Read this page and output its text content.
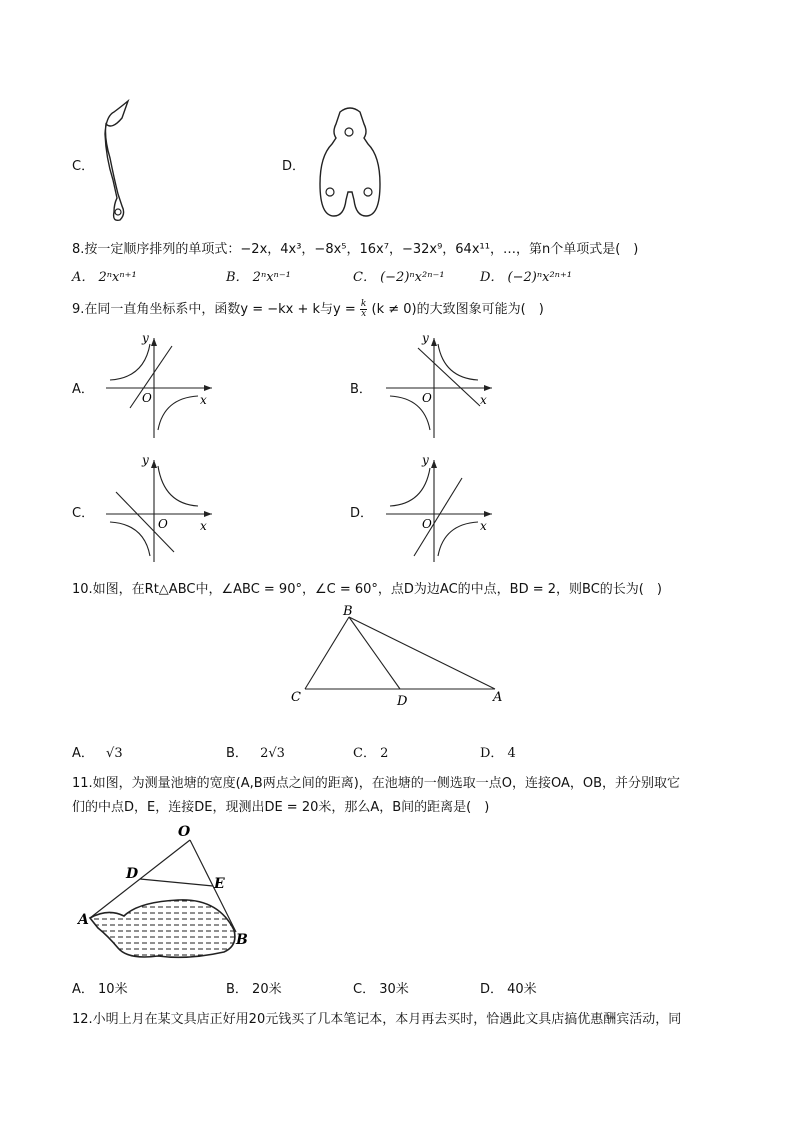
C．	D．
8.按一定顺序排列的单项式：−2x，4x³，−8x⁵，16x⁷，−32x⁹，64x¹¹，…，第n个单项式是(　)
A． 2ⁿxⁿ⁺¹	B． 2ⁿxⁿ⁻¹	C． (−2)ⁿx²ⁿ⁻¹	D． (−2)ⁿx²ⁿ⁺¹
9.在同一直角坐标系中，函数y = −kx + k与$y = \frac{k}{x} (k \ne 0)$的大致图象可能为(　)
A．
y
x
O
B．
y
x
O
C．
y
x
O
D．
y
x
O
10.如图，在Rt△ABC中，∠ABC = 90°，∠C = 60°，点D为边AC的中点，BD = 2，则BC的长为(　)
B
C	D	A
A． √3	B． 2√3	C． 2	D． 4
11.如图，为测量池塘的宽度(A,B两点之间的距离)，在池塘的一侧选取一点O，连接OA，OB，并分别取它
们的中点D，E，连接DE，现测出DE = 20米，那么A，B间的距离是(　)
O
D
E
A
B
A． 10米	B． 20米	C． 30米	D． 40米
12.小明上月在某文具店正好用20元钱买了几本笔记本，本月再去买时，恰遇此文具店搞优惠酬宾活动，同
